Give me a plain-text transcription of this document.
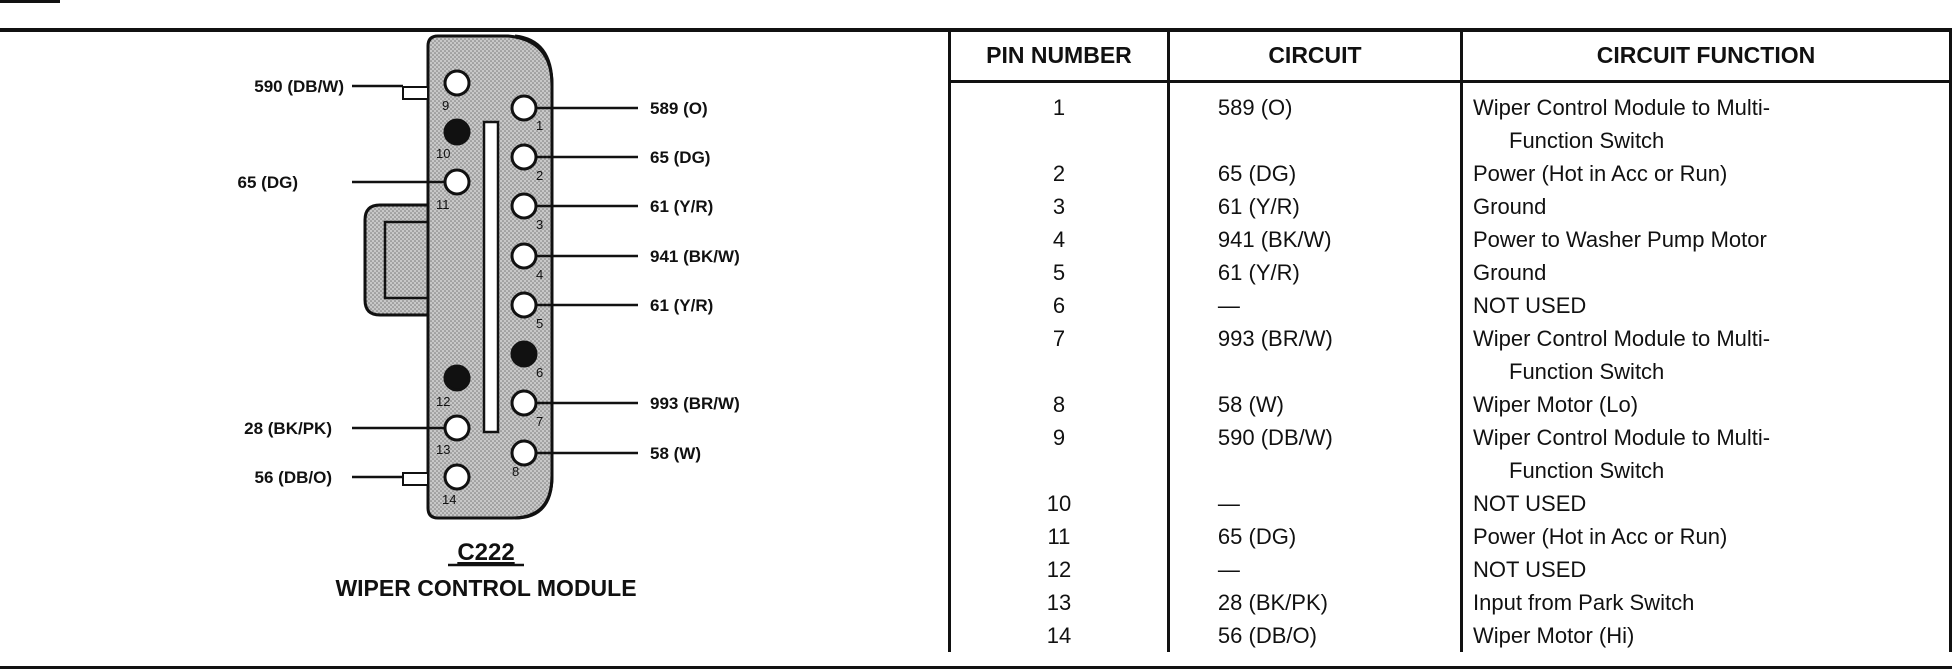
1
2
3
4
5
6
7
8
9
10
11
12
13
14
590 (DB/W)
65 (DG)
28 (BK/PK)
56 (DB/O)
589 (O)
65 (DG)
61 (Y/R)
941 (BK/W)
61 (Y/R)
993 (BR/W)
58 (W)
C222
WIPER CONTROL MODULE
PIN NUMBER	CIRCUIT	CIRCUIT FUNCTION
1	589 (O)	Wiper Control Module to Multi-
Function Switch

2	65 (DG)	Power (Hot in Acc or Run)
3	61 (Y/R)	Ground
4	941 (BK/W)	Power to Washer Pump Motor
5	61 (Y/R)	Ground
6	—	NOT USED
7	993 (BR/W)	Wiper Control Module to Multi-
Function Switch

8	58 (W)	Wiper Motor (Lo)
9	590 (DB/W)	Wiper Control Module to Multi-
Function Switch

10	—	NOT USED
11	65 (DG)	Power (Hot in Acc or Run)
12	—	NOT USED
13	28 (BK/PK)	Input from Park Switch
14	56 (DB/O)	Wiper Motor (Hi)
